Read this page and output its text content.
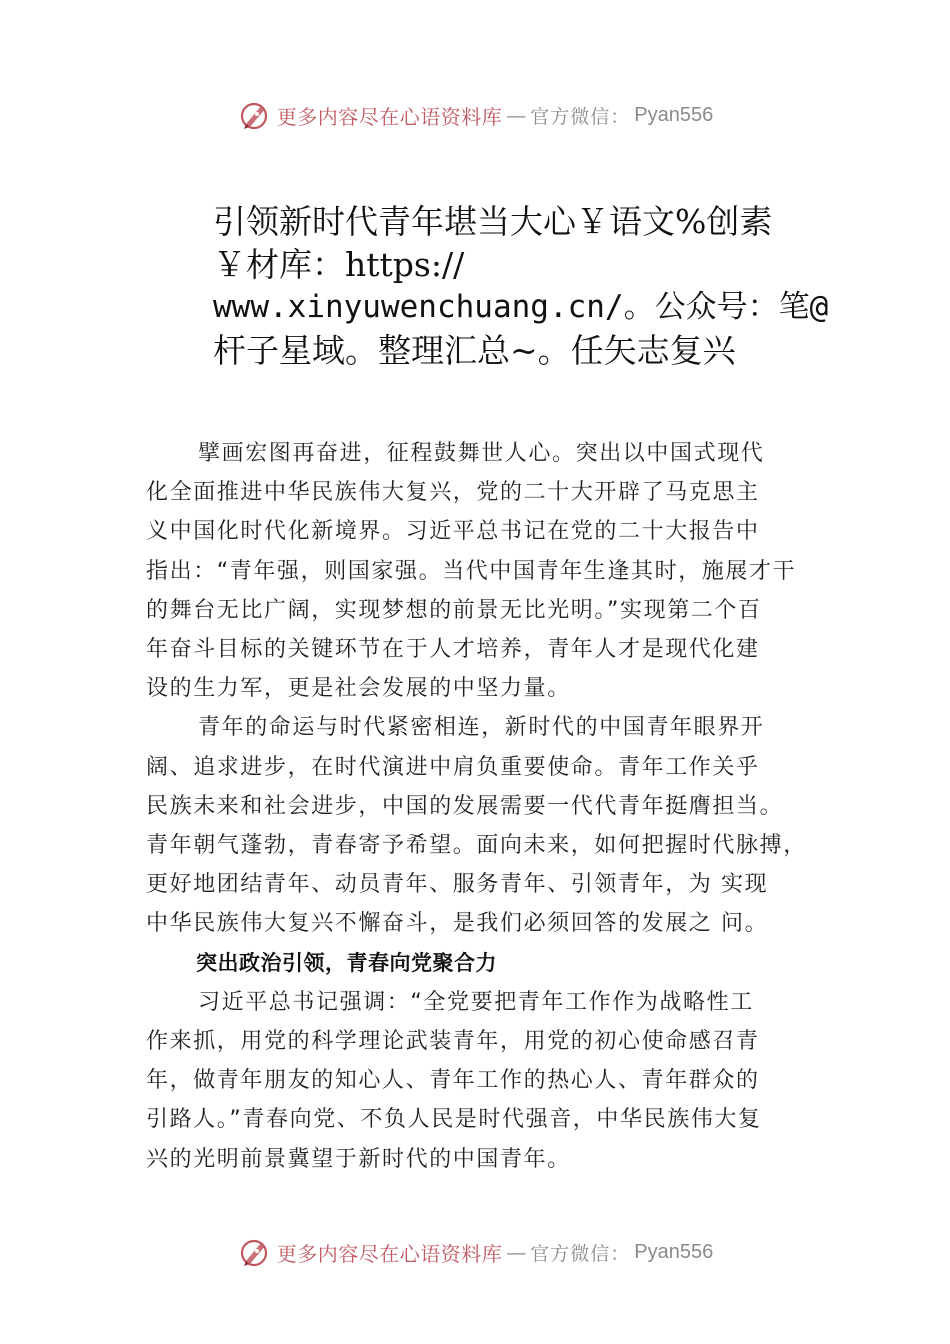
更多内容尽在心语资料库 — 官方微信： Pyan556
引领新时代青年堪当大心￥语文%创素
￥材库：https://
www.xinyuwenchuang.cn/。公众号：笔@
杆子星域。整理汇总~。任矢志复兴
擘画宏图再奋进，征程鼓舞世人心。突出以中国式现代
化全面推进中华民族伟大复兴，党的二十大开辟了马克思主
义中国化时代化新境界。习近平总书记在党的二十大报告中
指出：“青年强，则国家强。当代中国青年生逢其时，施展才干
的舞台无比广阔，实现梦想的前景无比光明。”实现第二个百
年奋斗目标的关键环节在于人才培养，青年人才是现代化建
设的生力军，更是社会发展的中坚力量。
青年的命运与时代紧密相连，新时代的中国青年眼界开
阔、追求进步，在时代演进中肩负重要使命。青年工作关乎
民族未来和社会进步，中国的发展需要一代代青年挺膺担当。
青年朝气蓬勃，青春寄予希望。面向未来，如何把握时代脉搏，
更好地团结青年、动员青年、服务青年、引领青年，为 实现
中华民族伟大复兴不懈奋斗，是我们必须回答的发展之 问。
突出政治引领，青春向党聚合力
习近平总书记强调：“全党要把青年工作作为战略性工
作来抓，用党的科学理论武装青年，用党的初心使命感召青
年，做青年朋友的知心人、青年工作的热心人、青年群众的
引路人。”青春向党、不负人民是时代强音，中华民族伟大复
兴的光明前景冀望于新时代的中国青年。
更多内容尽在心语资料库 — 官方微信： Pyan556
